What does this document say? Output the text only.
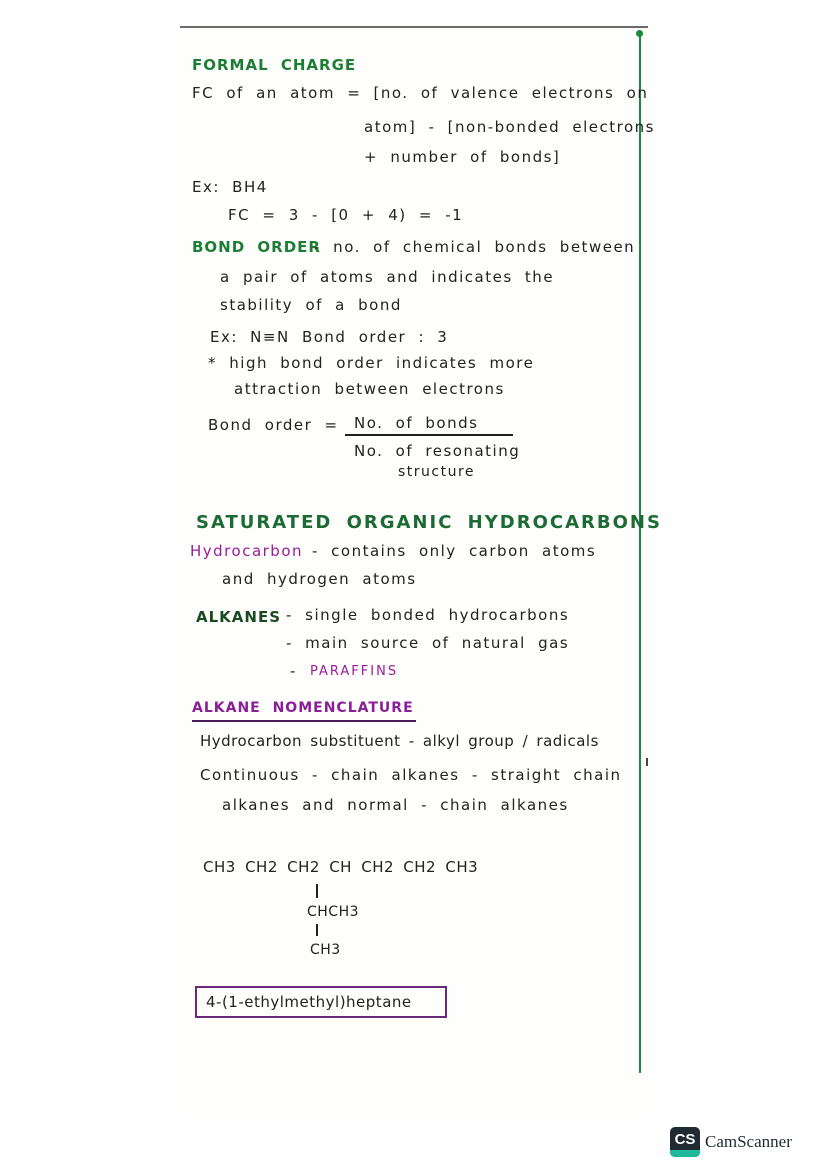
FORMAL CHARGE
FC of an atom = [no. of valence electrons on
atom] - [non-bonded electrons
+ number of bonds]
Ex: BH4
FC = 3 - [0 + 4) = -1
BOND ORDER
- no. of chemical bonds between
a pair of atoms and indicates the
stability of a bond
Ex: N≡N Bond order : 3
* high bond order indicates more
attraction between electrons
Bond order = No. of bonds
No. of resonating
structure
SATURATED ORGANIC HYDROCARBONS
Hydrocarbon - contains only carbon atoms
and hydrogen atoms
ALKANES - single bonded hydrocarbons
- main source of natural gas
- PARAFFINS
ALKANE NOMENCLATURE
Hydrocarbon substituent - alkyl group / radicals
Continuous - chain alkanes - straight chain
alkanes and normal - chain alkanes
CH3 CH2 CH2 CH CH2 CH2 CH3
CHCH3
CH3
4-(1-ethylmethyl)heptane
CS CamScanner
